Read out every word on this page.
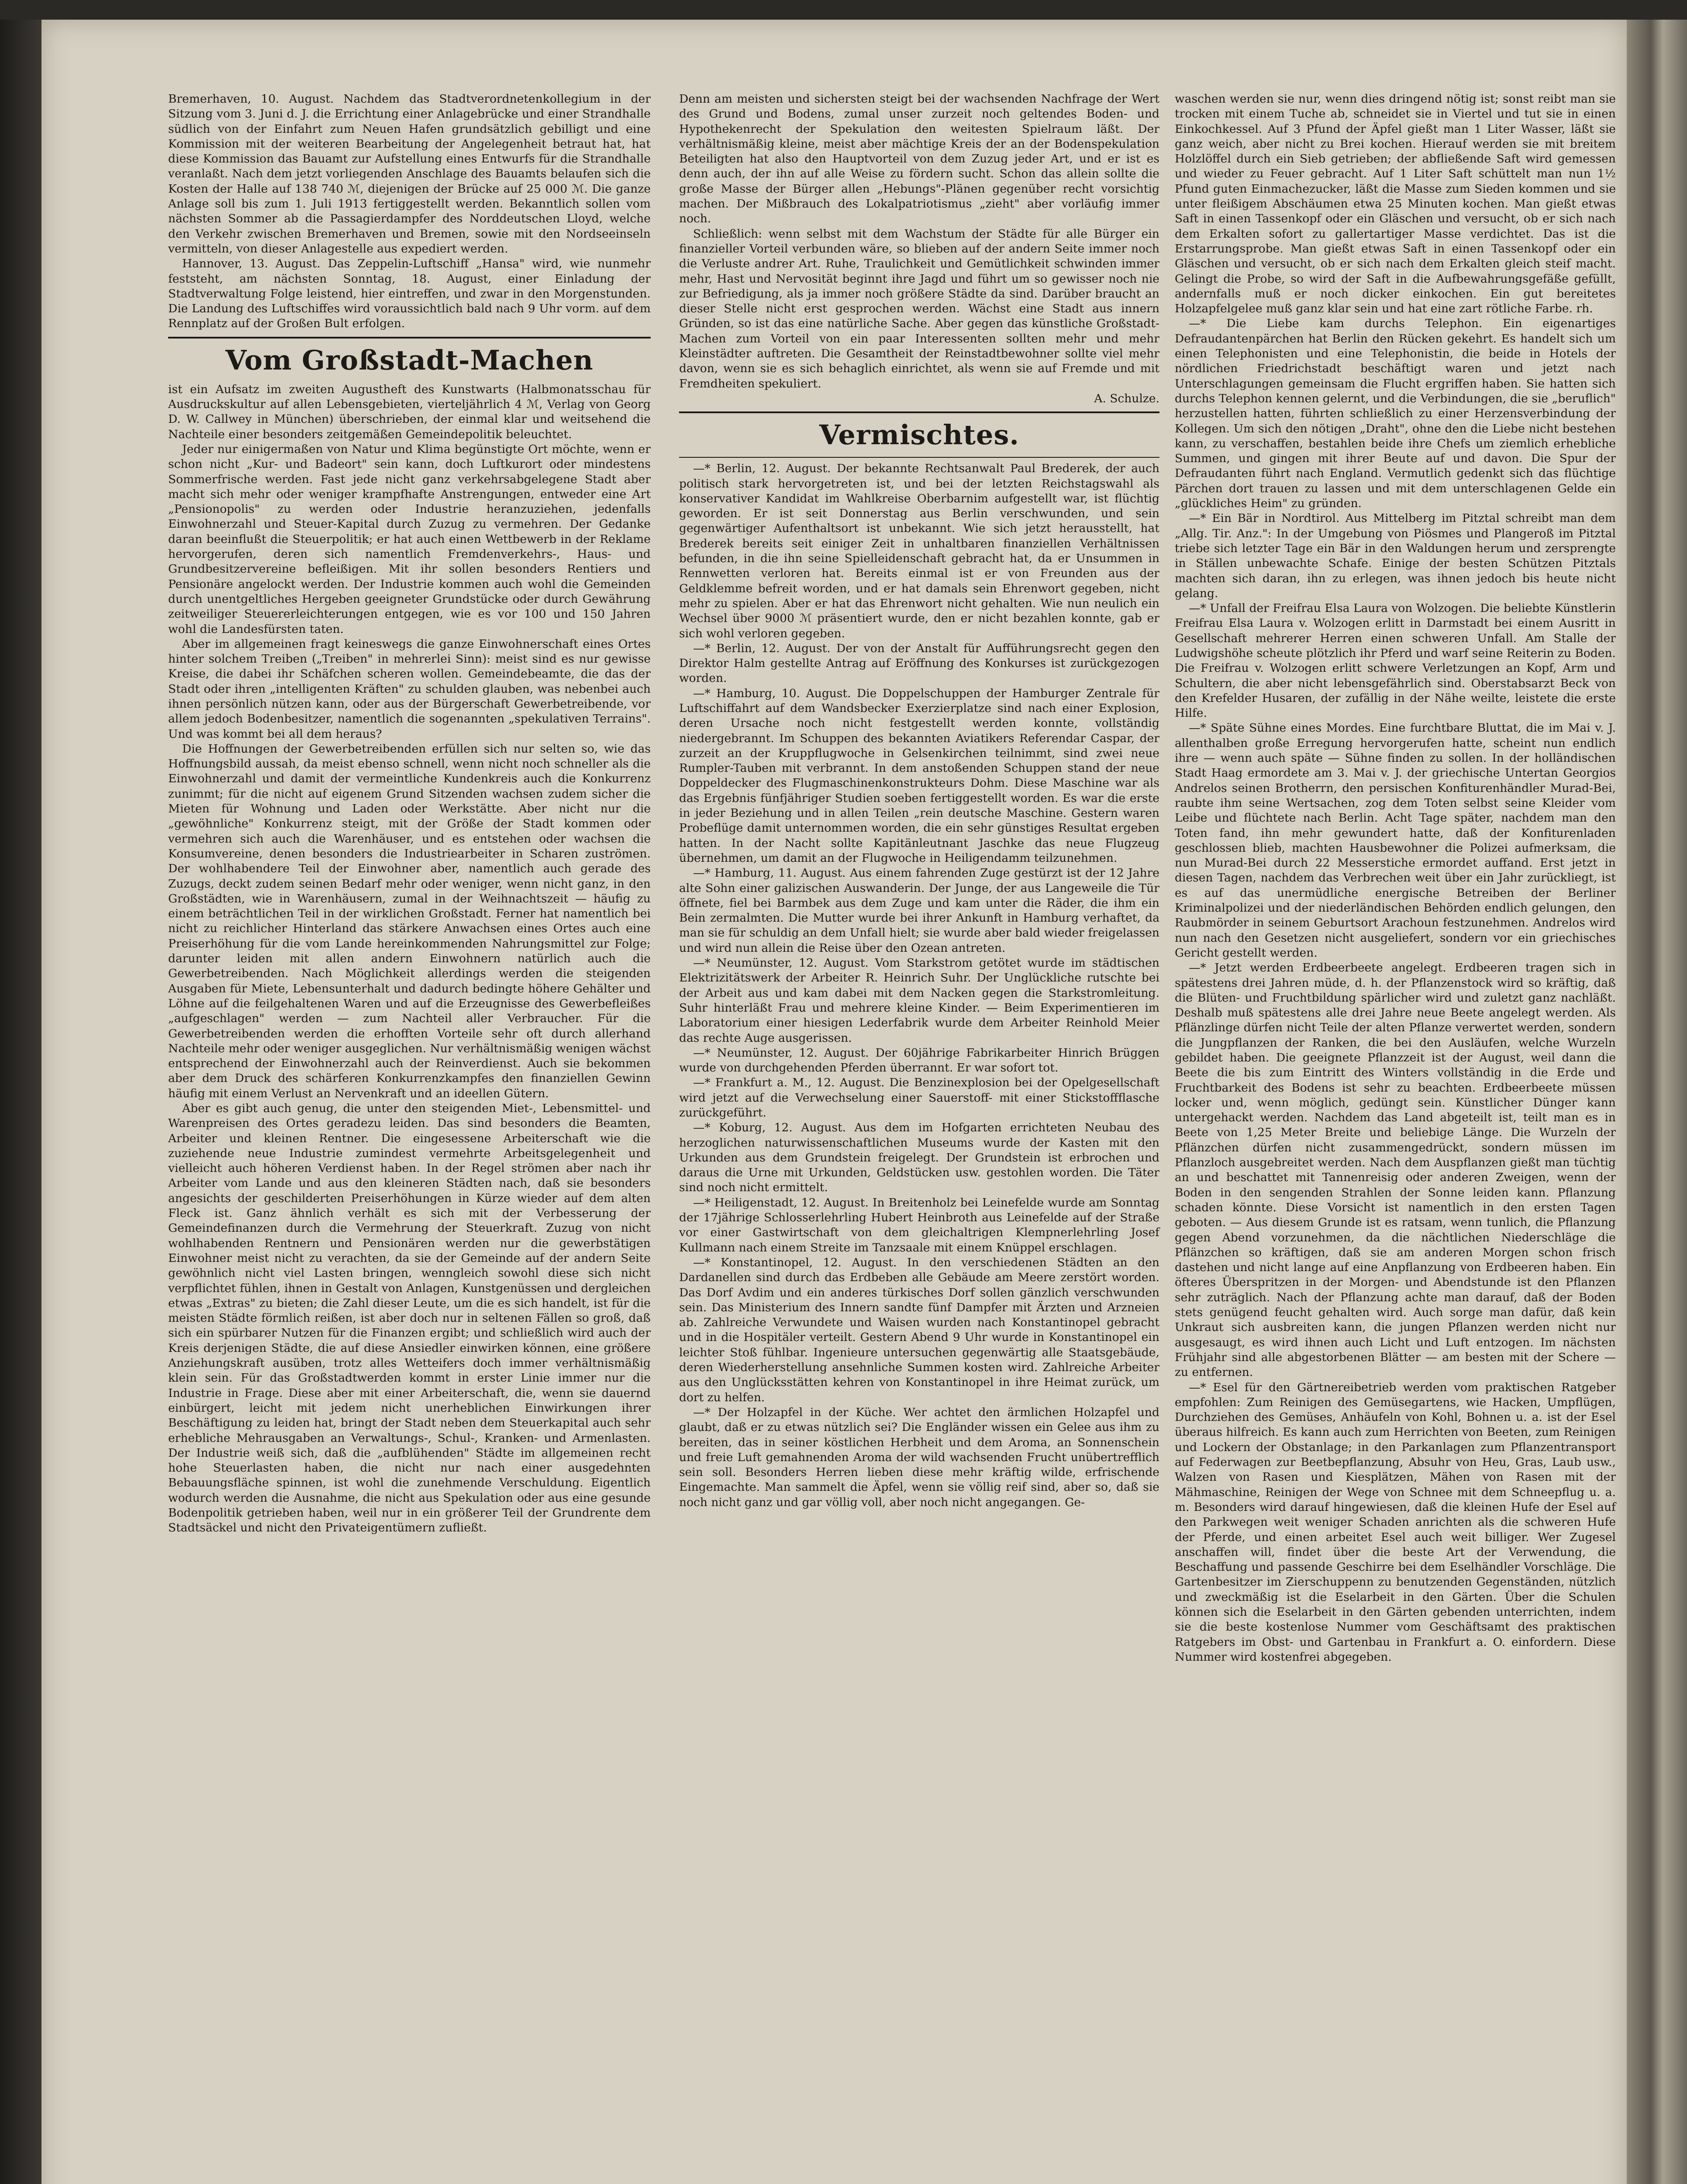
Bremerhaven, 10. August. Nachdem das Stadtverordnetenkollegium in der Sitzung vom 3. Juni d. J. die Errichtung einer Anlagebrücke und einer Strandhalle südlich von der Einfahrt zum Neuen Hafen grundsätzlich gebilligt und eine Kommission mit der weiteren Bearbeitung der Angelegenheit betraut hat, hat diese Kommission das Bauamt zur Aufstellung eines Entwurfs für die Strandhalle veranlaßt. Nach dem jetzt vorliegenden Anschlage des Bauamts belaufen sich die Kosten der Halle auf 138 740 ℳ, diejenigen der Brücke auf 25 000 ℳ. Die ganze Anlage soll bis zum 1. Juli 1913 fertiggestellt werden. Bekanntlich sollen vom nächsten Sommer ab die Passagierdampfer des Norddeutschen Lloyd, welche den Verkehr zwischen Bremerhaven und Bremen, sowie mit den Nordseeinseln vermitteln, von dieser Anlagestelle aus expediert werden.

Hannover, 13. August. Das Zeppelin-Luftschiff „Hansa" wird, wie nunmehr feststeht, am nächsten Sonntag, 18. August, einer Einladung der Stadtverwaltung Folge leistend, hier eintreffen, und zwar in den Morgenstunden. Die Landung des Luftschiffes wird voraussichtlich bald nach 9 Uhr vorm. auf dem Rennplatz auf der Großen Bult erfolgen.

Vom Großstadt-Machen

ist ein Aufsatz im zweiten Augustheft des Kunstwarts (Halbmonatsschau für Ausdruckskultur auf allen Lebensgebieten, vierteljährlich 4 ℳ, Verlag von Georg D. W. Callwey in München) überschrieben, der einmal klar und weitsehend die Nachteile einer besonders zeitgemäßen Gemeindepolitik beleuchtet.

Jeder nur einigermaßen von Natur und Klima begünstigte Ort möchte, wenn er schon nicht „Kur- und Badeort" sein kann, doch Luftkurort oder mindestens Sommerfrische werden. Fast jede nicht ganz verkehrsabgelegene Stadt aber macht sich mehr oder weniger krampfhafte Anstrengungen, entweder eine Art „Pensionopolis" zu werden oder Industrie heranzuziehen, jedenfalls Einwohnerzahl und Steuer-Kapital durch Zuzug zu vermehren. Der Gedanke daran beeinflußt die Steuerpolitik; er hat auch einen Wettbewerb in der Reklame hervorgerufen, deren sich namentlich Fremdenverkehrs-, Haus- und Grundbesitzervereine befleißigen. Mit ihr sollen besonders Rentiers und Pensionäre angelockt werden. Der Industrie kommen auch wohl die Gemeinden durch unentgeltliches Hergeben geeigneter Grundstücke oder durch Gewährung zeitweiliger Steuererleichterungen entgegen, wie es vor 100 und 150 Jahren wohl die Landesfürsten taten.

Aber im allgemeinen fragt keineswegs die ganze Einwohnerschaft eines Ortes hinter solchem Treiben („Treiben" in mehrerlei Sinn): meist sind es nur gewisse Kreise, die dabei ihr Schäfchen scheren wollen. Gemeindebeamte, die das der Stadt oder ihren „intelligenten Kräften" zu schulden glauben, was nebenbei auch ihnen persönlich nützen kann, oder aus der Bürgerschaft Gewerbetreibende, vor allem jedoch Bodenbesitzer, namentlich die sogenannten „spekulativen Terrains". Und was kommt bei all dem heraus?

Die Hoffnungen der Gewerbetreibenden erfüllen sich nur selten so, wie das Hoffnungsbild aussah, da meist ebenso schnell, wenn nicht noch schneller als die Einwohnerzahl und damit der vermeintliche Kundenkreis auch die Konkurrenz zunimmt; für die nicht auf eigenem Grund Sitzenden wachsen zudem sicher die Mieten für Wohnung und Laden oder Werkstätte. Aber nicht nur die „gewöhnliche" Konkurrenz steigt, mit der Größe der Stadt kommen oder vermehren sich auch die Warenhäuser, und es entstehen oder wachsen die Konsumvereine, denen besonders die Industriearbeiter in Scharen zuströmen. Der wohlhabendere Teil der Einwohner aber, namentlich auch gerade des Zuzugs, deckt zudem seinen Bedarf mehr oder weniger, wenn nicht ganz, in den Großstädten, wie in Warenhäusern, zumal in der Weihnachtszeit — häufig zu einem beträchtlichen Teil in der wirklichen Großstadt. Ferner hat namentlich bei nicht zu reichlicher Hinterland das stärkere Anwachsen eines Ortes auch eine Preiserhöhung für die vom Lande hereinkommenden Nahrungsmittel zur Folge; darunter leiden mit allen andern Einwohnern natürlich auch die Gewerbetreibenden. Nach Möglichkeit allerdings werden die steigenden Ausgaben für Miete, Lebensunterhalt und dadurch bedingte höhere Gehälter und Löhne auf die feilgehaltenen Waren und auf die Erzeugnisse des Gewerbefleißes „aufgeschlagen" werden — zum Nachteil aller Verbraucher. Für die Gewerbetreibenden werden die erhofften Vorteile sehr oft durch allerhand Nachteile mehr oder weniger ausgeglichen. Nur verhältnismäßig wenigen wächst entsprechend der Einwohnerzahl auch der Reinverdienst. Auch sie bekommen aber dem Druck des schärferen Konkurrenzkampfes den finanziellen Gewinn häufig mit einem Verlust an Nervenkraft und an ideellen Gütern.

Aber es gibt auch genug, die unter den steigenden Miet-, Lebensmittel- und Warenpreisen des Ortes geradezu leiden. Das sind besonders die Beamten, Arbeiter und kleinen Rentner. Die eingesessene Arbeiterschaft wie die zuziehende neue Industrie zumindest vermehrte Arbeitsgelegenheit und vielleicht auch höheren Verdienst haben. In der Regel strömen aber nach ihr Arbeiter vom Lande und aus den kleineren Städten nach, daß sie besonders angesichts der geschilderten Preiserhöhungen in Kürze wieder auf dem alten Fleck ist. Ganz ähnlich verhält es sich mit der Verbesserung der Gemeindefinanzen durch die Vermehrung der Steuerkraft. Zuzug von nicht wohlhabenden Rentnern und Pensionären werden nur die gewerbstätigen Einwohner meist nicht zu verachten, da sie der Gemeinde auf der andern Seite gewöhnlich nicht viel Lasten bringen, wenngleich sowohl diese sich nicht verpflichtet fühlen, ihnen in Gestalt von Anlagen, Kunstgenüssen und dergleichen etwas „Extras" zu bieten; die Zahl dieser Leute, um die es sich handelt, ist für die meisten Städte förmlich reißen, ist aber doch nur in seltenen Fällen so groß, daß sich ein spürbarer Nutzen für die Finanzen ergibt; und schließlich wird auch der Kreis derjenigen Städte, die auf diese Ansiedler einwirken können, eine größere Anziehungskraft ausüben, trotz alles Wetteifers doch immer verhältnismäßig klein sein. Für das Großstadtwerden kommt in erster Linie immer nur die Industrie in Frage. Diese aber mit einer Arbeiterschaft, die, wenn sie dauernd einbürgert, leicht mit jedem nicht unerheblichen Einwirkungen ihrer Beschäftigung zu leiden hat, bringt der Stadt neben dem Steuerkapital auch sehr erhebliche Mehrausgaben an Verwaltungs-, Schul-, Kranken- und Armenlasten. Der Industrie weiß sich, daß die „aufblühenden" Städte im allgemeinen recht hohe Steuerlasten haben, die nicht nur nach einer ausgedehnten Bebauungsfläche spinnen, ist wohl die zunehmende Verschuldung. Eigentlich wodurch werden die Ausnahme, die nicht aus Spekulation oder aus eine gesunde Bodenpolitik getrieben haben, weil nur in ein größerer Teil der Grundrente dem Stadtsäckel und nicht den Privateigentümern zufließt.

Denn am meisten und sichersten steigt bei der wachsenden Nachfrage der Wert des Grund und Bodens, zumal unser zurzeit noch geltendes Boden- und Hypothekenrecht der Spekulation den weitesten Spielraum läßt. Der verhältnismäßig kleine, meist aber mächtige Kreis der an der Bodenspekulation Beteiligten hat also den Hauptvorteil von dem Zuzug jeder Art, und er ist es denn auch, der ihn auf alle Weise zu fördern sucht. Schon das allein sollte die große Masse der Bürger allen „Hebungs"-Plänen gegenüber recht vorsichtig machen. Der Mißbrauch des Lokalpatriotismus „zieht" aber vorläufig immer noch.

Schließlich: wenn selbst mit dem Wachstum der Städte für alle Bürger ein finanzieller Vorteil verbunden wäre, so blieben auf der andern Seite immer noch die Verluste andrer Art. Ruhe, Traulichkeit und Gemütlichkeit schwinden immer mehr, Hast und Nervosität beginnt ihre Jagd und führt um so gewisser noch nie zur Befriedigung, als ja immer noch größere Städte da sind. Darüber braucht an dieser Stelle nicht erst gesprochen werden. Wächst eine Stadt aus innern Gründen, so ist das eine natürliche Sache. Aber gegen das künstliche Großstadt-Machen zum Vorteil von ein paar Interessenten sollten mehr und mehr Kleinstädter auftreten. Die Gesamtheit der Reinstadtbewohner sollte viel mehr davon, wenn sie es sich behaglich einrichtet, als wenn sie auf Fremde und mit Fremdheiten spekuliert.

A. Schulze.

Vermischtes.

—* Berlin, 12. August. Der bekannte Rechtsanwalt Paul Brederek, der auch politisch stark hervorgetreten ist, und bei der letzten Reichstagswahl als konservativer Kandidat im Wahlkreise Oberbarnim aufgestellt war, ist flüchtig geworden. Er ist seit Donnerstag aus Berlin verschwunden, und sein gegenwärtiger Aufenthaltsort ist unbekannt. Wie sich jetzt herausstellt, hat Brederek bereits seit einiger Zeit in unhaltbaren finanziellen Verhältnissen befunden, in die ihn seine Spielleidenschaft gebracht hat, da er Unsummen in Rennwetten verloren hat. Bereits einmal ist er von Freunden aus der Geldklemme befreit worden, und er hat damals sein Ehrenwort gegeben, nicht mehr zu spielen. Aber er hat das Ehrenwort nicht gehalten. Wie nun neulich ein Wechsel über 9000 ℳ präsentiert wurde, den er nicht bezahlen konnte, gab er sich wohl verloren gegeben.

—* Berlin, 12. August. Der von der Anstalt für Aufführungsrecht gegen den Direktor Halm gestellte Antrag auf Eröffnung des Konkurses ist zurückgezogen worden.

—* Hamburg, 10. August. Die Doppelschuppen der Hamburger Zentrale für Luftschiffahrt auf dem Wandsbecker Exerzierplatze sind nach einer Explosion, deren Ursache noch nicht festgestellt werden konnte, vollständig niedergebrannt. Im Schuppen des bekannten Aviatikers Referendar Caspar, der zurzeit an der Kruppflugwoche in Gelsenkirchen teilnimmt, sind zwei neue Rumpler-Tauben mit verbrannt. In dem anstoßenden Schuppen stand der neue Doppeldecker des Flugmaschinenkonstrukteurs Dohm. Diese Maschine war als das Ergebnis fünfjähriger Studien soeben fertiggestellt worden. Es war die erste in jeder Beziehung und in allen Teilen „rein deutsche Maschine. Gestern waren Probeflüge damit unternommen worden, die ein sehr günstiges Resultat ergeben hatten. In der Nacht sollte Kapitänleutnant Jaschke das neue Flugzeug übernehmen, um damit an der Flugwoche in Heiligendamm teilzunehmen.

—* Hamburg, 11. August. Aus einem fahrenden Zuge gestürzt ist der 12 Jahre alte Sohn einer galizischen Auswanderin. Der Junge, der aus Langeweile die Tür öffnete, fiel bei Barmbek aus dem Zuge und kam unter die Räder, die ihm ein Bein zermalmten. Die Mutter wurde bei ihrer Ankunft in Hamburg verhaftet, da man sie für schuldig an dem Unfall hielt; sie wurde aber bald wieder freigelassen und wird nun allein die Reise über den Ozean antreten.

—* Neumünster, 12. August. Vom Starkstrom getötet wurde im städtischen Elektrizitätswerk der Arbeiter R. Heinrich Suhr. Der Unglückliche rutschte bei der Arbeit aus und kam dabei mit dem Nacken gegen die Starkstromleitung. Suhr hinterläßt Frau und mehrere kleine Kinder. — Beim Experimentieren im Laboratorium einer hiesigen Lederfabrik wurde dem Arbeiter Reinhold Meier das rechte Auge ausgerissen.

—* Neumünster, 12. August. Der 60jährige Fabrikarbeiter Hinrich Brüggen wurde von durchgehenden Pferden überrannt. Er war sofort tot.

—* Frankfurt a. M., 12. August. Die Benzinexplosion bei der Opelgesellschaft wird jetzt auf die Verwechselung einer Sauerstoff- mit einer Stickstoffflasche zurückgeführt.

—* Koburg, 12. August. Aus dem im Hofgarten errichteten Neubau des herzoglichen naturwissenschaftlichen Museums wurde der Kasten mit den Urkunden aus dem Grundstein freigelegt. Der Grundstein ist erbrochen und daraus die Urne mit Urkunden, Geldstücken usw. gestohlen worden. Die Täter sind noch nicht ermittelt.

—* Heiligenstadt, 12. August. In Breitenholz bei Leinefelde wurde am Sonntag der 17jährige Schlosserlehrling Hubert Heinbroth aus Leinefelde auf der Straße vor einer Gastwirtschaft von dem gleichaltrigen Klempnerlehrling Josef Kullmann nach einem Streite im Tanzsaale mit einem Knüppel erschlagen.

—* Konstantinopel, 12. August. In den verschiedenen Städten an den Dardanellen sind durch das Erdbeben alle Gebäude am Meere zerstört worden. Das Dorf Avdim und ein anderes türkisches Dorf sollen gänzlich verschwunden sein. Das Ministerium des Innern sandte fünf Dampfer mit Ärzten und Arzneien ab. Zahlreiche Verwundete und Waisen wurden nach Konstantinopel gebracht und in die Hospitäler verteilt. Gestern Abend 9 Uhr wurde in Konstantinopel ein leichter Stoß fühlbar. Ingenieure untersuchen gegenwärtig alle Staatsgebäude, deren Wiederherstellung ansehnliche Summen kosten wird. Zahlreiche Arbeiter aus den Unglücksstätten kehren von Konstantinopel in ihre Heimat zurück, um dort zu helfen.

—* Der Holzapfel in der Küche. Wer achtet den ärmlichen Holzapfel und glaubt, daß er zu etwas nützlich sei? Die Engländer wissen ein Gelee aus ihm zu bereiten, das in seiner köstlichen Herbheit und dem Aroma, an Sonnenschein und freie Luft gemahnenden Aroma der wild wachsenden Frucht unübertrefflich sein soll. Besonders Herren lieben diese mehr kräftig wilde, erfrischende Eingemachte. Man sammelt die Äpfel, wenn sie völlig reif sind, aber so, daß sie noch nicht ganz und gar völlig voll, aber noch nicht angegangen. Ge-

waschen werden sie nur, wenn dies dringend nötig ist; sonst reibt man sie trocken mit einem Tuche ab, schneidet sie in Viertel und tut sie in einen Einkochkessel. Auf 3 Pfund der Äpfel gießt man 1 Liter Wasser, läßt sie ganz weich, aber nicht zu Brei kochen. Hierauf werden sie mit breitem Holzlöffel durch ein Sieb getrieben; der abfließende Saft wird gemessen und wieder zu Feuer gebracht. Auf 1 Liter Saft schüttelt man nun 1½ Pfund guten Einmachezucker, läßt die Masse zum Sieden kommen und sie unter fleißigem Abschäumen etwa 25 Minuten kochen. Man gießt etwas Saft in einen Tassenkopf oder ein Gläschen und versucht, ob er sich nach dem Erkalten sofort zu gallertartiger Masse verdichtet. Das ist die Erstarrungsprobe. Man gießt etwas Saft in einen Tassenkopf oder ein Gläschen und versucht, ob er sich nach dem Erkalten gleich steif macht. Gelingt die Probe, so wird der Saft in die Aufbewahrungsgefäße gefüllt, andernfalls muß er noch dicker einkochen. Ein gut bereitetes Holzapfelgelee muß ganz klar sein und hat eine zart rötliche Farbe. rh.

—* Die Liebe kam durchs Telephon. Ein eigenartiges Defraudantenpärchen hat Berlin den Rücken gekehrt. Es handelt sich um einen Telephonisten und eine Telephonistin, die beide in Hotels der nördlichen Friedrichstadt beschäftigt waren und jetzt nach Unterschlagungen gemeinsam die Flucht ergriffen haben. Sie hatten sich durchs Telephon kennen gelernt, und die Verbindungen, die sie „beruflich" herzustellen hatten, führten schließlich zu einer Herzensverbindung der Kollegen. Um sich den nötigen „Draht", ohne den die Liebe nicht bestehen kann, zu verschaffen, bestahlen beide ihre Chefs um ziemlich erhebliche Summen, und gingen mit ihrer Beute auf und davon. Die Spur der Defraudanten führt nach England. Vermutlich gedenkt sich das flüchtige Pärchen dort trauen zu lassen und mit dem unterschlagenen Gelde ein „glückliches Heim" zu gründen.

—* Ein Bär in Nordtirol. Aus Mittelberg im Pitztal schreibt man dem „Allg. Tir. Anz.": In der Umgebung von Piösmes und Plangeroß im Pitztal triebe sich letzter Tage ein Bär in den Waldungen herum und zersprengte in Ställen unbewachte Schafe. Einige der besten Schützen Pitztals machten sich daran, ihn zu erlegen, was ihnen jedoch bis heute nicht gelang.

—* Unfall der Freifrau Elsa Laura von Wolzogen. Die beliebte Künstlerin Freifrau Elsa Laura v. Wolzogen erlitt in Darmstadt bei einem Ausritt in Gesellschaft mehrerer Herren einen schweren Unfall. Am Stalle der Ludwigshöhe scheute plötzlich ihr Pferd und warf seine Reiterin zu Boden. Die Freifrau v. Wolzogen erlitt schwere Verletzungen an Kopf, Arm und Schultern, die aber nicht lebensgefährlich sind. Oberstabsarzt Beck von den Krefelder Husaren, der zufällig in der Nähe weilte, leistete die erste Hilfe.

—* Späte Sühne eines Mordes. Eine furchtbare Bluttat, die im Mai v. J. allenthalben große Erregung hervorgerufen hatte, scheint nun endlich ihre — wenn auch späte — Sühne finden zu sollen. In der holländischen Stadt Haag ermordete am 3. Mai v. J. der griechische Untertan Georgios Andrelos seinen Brotherrn, den persischen Konfiturenhändler Murad-Bei, raubte ihm seine Wertsachen, zog dem Toten selbst seine Kleider vom Leibe und flüchtete nach Berlin. Acht Tage später, nachdem man den Toten fand, ihn mehr gewundert hatte, daß der Konfiturenladen geschlossen blieb, machten Hausbewohner die Polizei aufmerksam, die nun Murad-Bei durch 22 Messerstiche ermordet auffand. Erst jetzt in diesen Tagen, nachdem das Verbrechen weit über ein Jahr zurückliegt, ist es auf das unermüdliche energische Betreiben der Berliner Kriminalpolizei und der niederländischen Behörden endlich gelungen, den Raubmörder in seinem Geburtsort Arachoun festzunehmen. Andrelos wird nun nach den Gesetzen nicht ausgeliefert, sondern vor ein griechisches Gericht gestellt werden.

—* Jetzt werden Erdbeerbeete angelegt. Erdbeeren tragen sich in spätestens drei Jahren müde, d. h. der Pflanzenstock wird so kräftig, daß die Blüten- und Fruchtbildung spärlicher wird und zuletzt ganz nachläßt. Deshalb muß spätestens alle drei Jahre neue Beete angelegt werden. Als Pflänzlinge dürfen nicht Teile der alten Pflanze verwertet werden, sondern die Jungpflanzen der Ranken, die bei den Ausläufen, welche Wurzeln gebildet haben. Die geeignete Pflanzzeit ist der August, weil dann die Beete die bis zum Eintritt des Winters vollständig in die Erde und Fruchtbarkeit des Bodens ist sehr zu beachten. Erdbeerbeete müssen locker und, wenn möglich, gedüngt sein. Künstlicher Dünger kann untergehackt werden. Nachdem das Land abgeteilt ist, teilt man es in Beete von 1,25 Meter Breite und beliebige Länge. Die Wurzeln der Pflänzchen dürfen nicht zusammengedrückt, sondern müssen im Pflanzloch ausgebreitet werden. Nach dem Auspflanzen gießt man tüchtig an und beschattet mit Tannenreisig oder anderen Zweigen, wenn der Boden in den sengenden Strahlen der Sonne leiden kann. Pflanzung schaden könnte. Diese Vorsicht ist namentlich in den ersten Tagen geboten. — Aus diesem Grunde ist es ratsam, wenn tunlich, die Pflanzung gegen Abend vorzunehmen, da die nächtlichen Niederschläge die Pflänzchen so kräftigen, daß sie am anderen Morgen schon frisch dastehen und nicht lange auf eine Anpflanzung von Erdbeeren haben. Ein öfteres Überspritzen in der Morgen- und Abendstunde ist den Pflanzen sehr zuträglich. Nach der Pflanzung achte man darauf, daß der Boden stets genügend feucht gehalten wird. Auch sorge man dafür, daß kein Unkraut sich ausbreiten kann, die jungen Pflanzen werden nicht nur ausgesaugt, es wird ihnen auch Licht und Luft entzogen. Im nächsten Frühjahr sind alle abgestorbenen Blätter — am besten mit der Schere — zu entfernen.

—* Esel für den Gärtnereibetrieb werden vom praktischen Ratgeber empfohlen: Zum Reinigen des Gemüsegartens, wie Hacken, Umpflügen, Durchziehen des Gemüses, Anhäufeln von Kohl, Bohnen u. a. ist der Esel überaus hilfreich. Es kann auch zum Herrichten von Beeten, zum Reinigen und Lockern der Obstanlage; in den Parkanlagen zum Pflanzentransport auf Federwagen zur Beetbepflanzung, Absuhr von Heu, Gras, Laub usw., Walzen von Rasen und Kiesplätzen, Mähen von Rasen mit der Mähmaschine, Reinigen der Wege von Schnee mit dem Schneepflug u. a. m. Besonders wird darauf hingewiesen, daß die kleinen Hufe der Esel auf den Parkwegen weit weniger Schaden anrichten als die schweren Hufe der Pferde, und einen arbeitet Esel auch weit billiger. Wer Zugesel anschaffen will, findet über die beste Art der Verwendung, die Beschaffung und passende Geschirre bei dem Eselhändler Vorschläge. Die Gartenbesitzer im Zierschuppenn zu benutzenden Gegenständen, nützlich und zweckmäßig ist die Eselarbeit in den Gärten. Über die Schulen können sich die Eselarbeit in den Gärten gebenden unterrichten, indem sie die beste kostenlose Nummer vom Geschäftsamt des praktischen Ratgebers im Obst- und Gartenbau in Frankfurt a. O. einfordern. Diese Nummer wird kostenfrei abgegeben.
